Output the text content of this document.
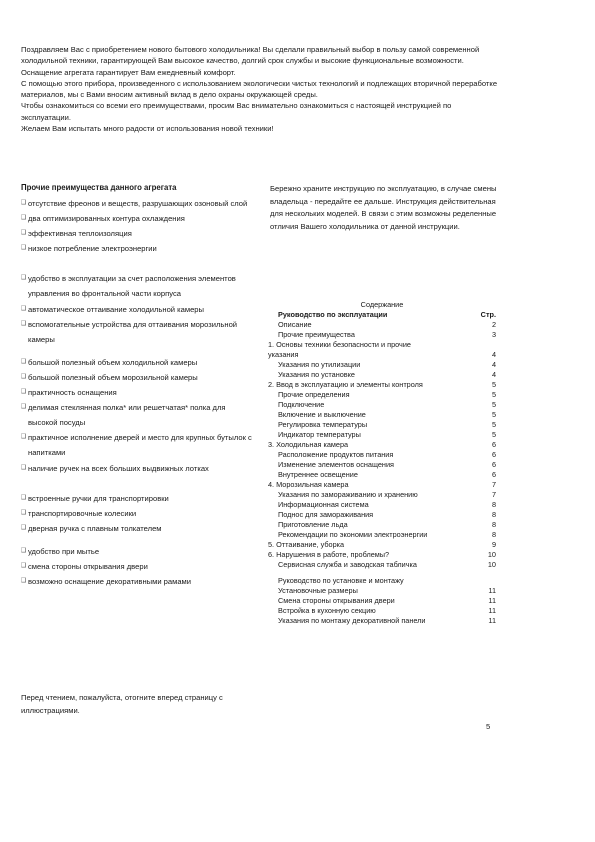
Поздравляем Вас с приобретением нового бытового холодильника! Вы сделали правильный выбор в пользу самой современной холодильной техники, гарантирующей Вам высокое качество, долгий срок службы и высокие функциональные возможности.

Оснащение агрегата гарантирует Вам ежедневный комфорт.

С помощью этого прибора, произведенного с использованием экологически чистых технологий и подлежащих вторичной переработке материалов, мы с Вами вносим активный вклад в дело охраны окружающей среды.

Чтобы ознакомиться со всеми его преимуществами, просим Вас внимательно ознакомиться с настоящей инструкцией по эксплуатации.

Желаем Вам испытать много радости от использования новой техники!

Прочие преимущества данного агрегата
❑ отсутствие фреонов и веществ, разрушающих озоновый слой
❑ два оптимизированных контура охлаждения
❑ эффективная теплоизоляция
❑ низкое потребление электроэнергии
❑ удобство в эксплуатации за счет расположения элементов управления во фронтальной части корпуса
❑ автоматическое оттаивание холодильной камеры
❑ вспомогательные устройства для оттаивания морозильной камеры
❑ большой полезный объем холодильной камеры
❑ большой полезный объем морозильной камеры
❑ практичность оснащения
❑ делимая стеклянная полка* или решетчатая* полка для высокой посуды
❑ практичное исполнение дверей и место для крупных бутылок с напитками
❑ наличие ручек на всех больших выдвижных лотках
❑ встроенные ручки для транспортировки
❑ транспортировочные колесики
❑ дверная ручка с плавным толкателем
❑ удобство при мытье
❑ смена стороны открывания двери
❑ возможно оснащение декоративными рамами
Бережно храните инструкцию по эксплуатацию, в случае смены владельца - передайте ее дальше. Инструкция действительная для нескольких моделей. В связи с этим возможны ределенные отличия Вашего холодильника от данной инструкции.
Содержание
Руководство по эксплуатации	Стр.
Описание	2
Прочие преимущества	3
1. Основы техники безопасности и прочие
указания	4
Указания по утилизации	4
Указания по установке	4
2. Ввод в эксплуатацию и элементы контроля	5
Прочие определения	5
Подключение	5
Включение и выключение	5
Регулировка температуры	5
Индикатор температуры	5
3. Холодильная камера	6
Расположение продуктов питания	6
Изменение элементов оснащения	6
Внутреннее освещение	6
4. Морозильная камера	7
Указания по замораживанию и хранению	7
Информационная система	8
Поднос для замораживания	8
Приготовление льда	8
Рекомендации по экономии электроэнергии	8
5. Оттаивание, уборка	9
6. Нарушения в работе, проблемы?	10
Сервисная служба и заводская табличка	10
Руководство по установке и монтажу
Установочные размеры	11
Смена стороны открывания двери	11
Встройка в кухонную секцию	11
Указания по монтажу декоративной панели	11
Перед чтением, пожалуйста, отогните вперед страницу с иллюстрациями.
5
